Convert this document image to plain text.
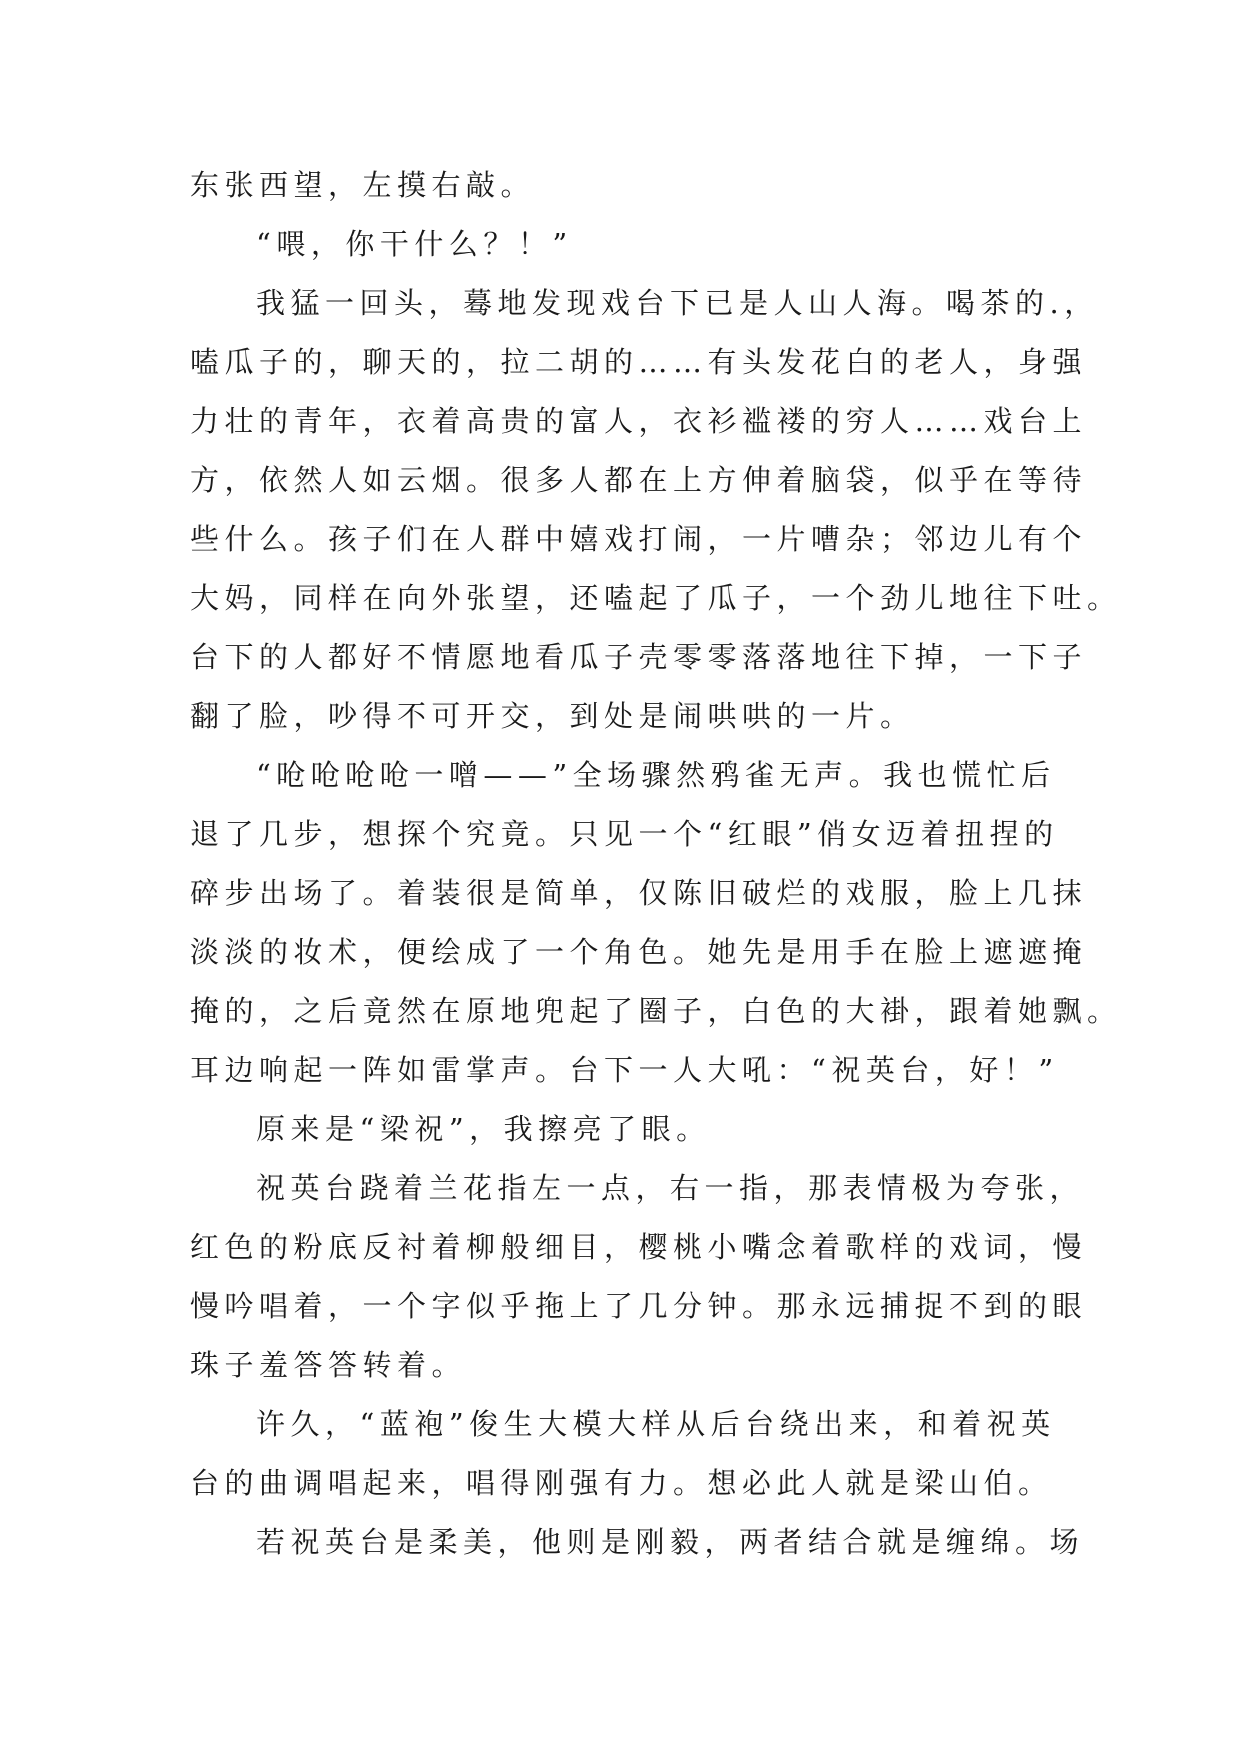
东张西望，左摸右敲。
“喂，你干什么？！”
我猛一回头，蓦地发现戏台下已是人山人海。喝茶的.，
嗑瓜子的，聊天的，拉二胡的……有头发花白的老人，身强
力壮的青年，衣着高贵的富人，衣衫褴褛的穷人……戏台上
方，依然人如云烟。很多人都在上方伸着脑袋，似乎在等待
些什么。孩子们在人群中嬉戏打闹，一片嘈杂；邻边儿有个
大妈，同样在向外张望，还嗑起了瓜子，一个劲儿地往下吐。
台下的人都好不情愿地看瓜子壳零零落落地往下掉，一下子
翻了脸，吵得不可开交，到处是闹哄哄的一片。
“呛呛呛呛一噌——”全场骤然鸦雀无声。我也慌忙后
退了几步，想探个究竟。只见一个“红眼”俏女迈着扭捏的
碎步出场了。着装很是简单，仅陈旧破烂的戏服，脸上几抹
淡淡的妆术，便绘成了一个角色。她先是用手在脸上遮遮掩
掩的，之后竟然在原地兜起了圈子，白色的大褂，跟着她飘。
耳边响起一阵如雷掌声。台下一人大吼：“祝英台，好！”
原来是“梁祝”，我擦亮了眼。
祝英台跷着兰花指左一点，右一指，那表情极为夸张，
红色的粉底反衬着柳般细目，樱桃小嘴念着歌样的戏词，慢
慢吟唱着，一个字似乎拖上了几分钟。那永远捕捉不到的眼
珠子羞答答转着。
许久，“蓝袍”俊生大模大样从后台绕出来，和着祝英
台的曲调唱起来，唱得刚强有力。想必此人就是梁山伯。
若祝英台是柔美，他则是刚毅，两者结合就是缠绵。场
